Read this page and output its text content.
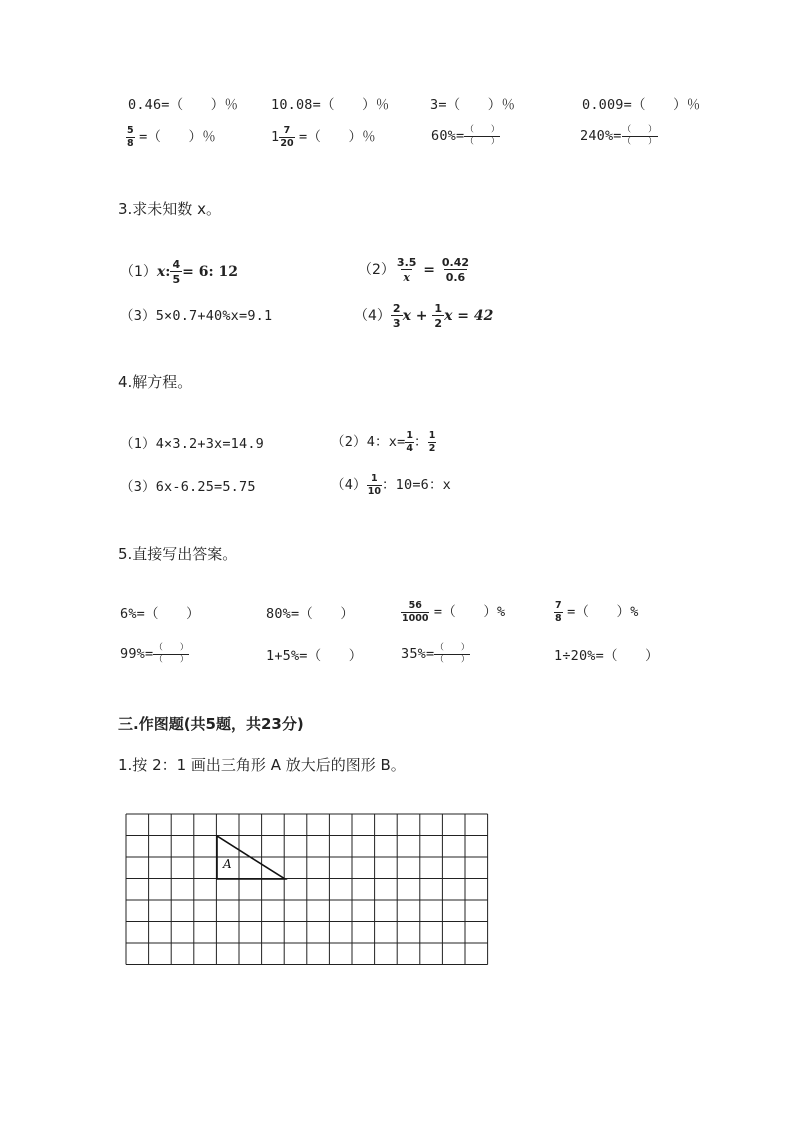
0.46=（　　）％ 10.08=（　　）％	3=（　　）％	0.009=（　　）％
$\frac{5}{8}$ =（　　）％	$1 \frac{7}{20}$ =（　　）％	$60\%= \frac{( )}{( )}$	$240\%= \frac{( )}{( )}$
3.求未知数 x。
（1）x: $\frac{4}{5} = 6$: 12	$(2) \frac{3.5}{x} = \frac{0.42}{0.6}$
（3）5×0.7+40%x=9.1	$(4) \frac{2}{3}$ $x + \frac{1}{2}$ x = 42
4.解方程。
（1）4×3.2+3x=14.9	（2）4：$x= \frac{1}{4}$ ： $\frac{1}{2}$
（3）6x-6.25=5.75	$(4) \frac{1}{10}$ ：10=6：x
5.直接写出答案。
6%=（　　）	80%=（　　）	$\frac{56}{1000}$ =（　　）%	$\frac{7}{8}$ =（　　）%
$99\%= \frac{( )}{( )}$	1+5%=（　　）	$35\%= \frac{( )}{( )}$	1÷20%=（　　）
三.作图题(共5题，共23分)
1.按 2：1 画出三角形 A 放大后的图形 B。
A
